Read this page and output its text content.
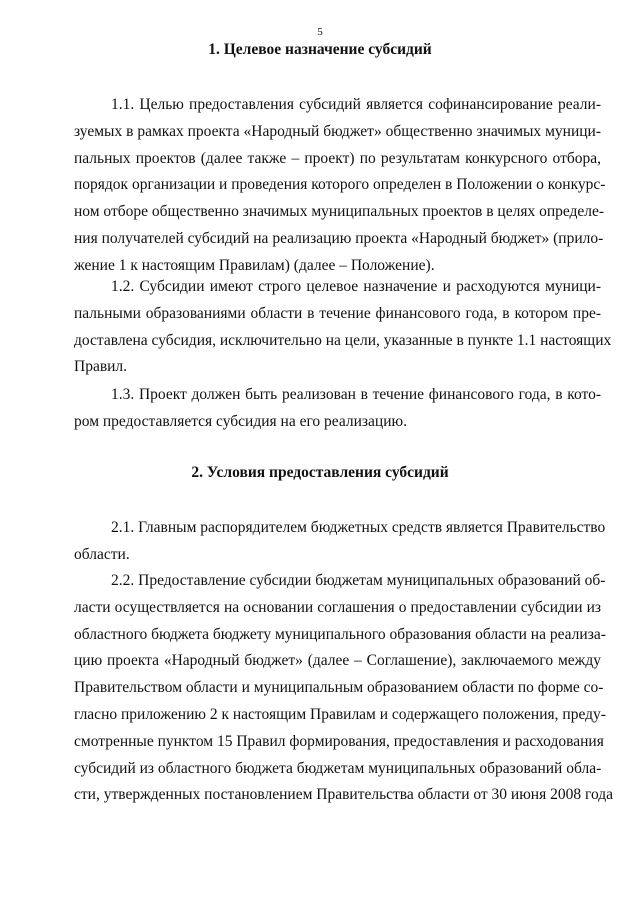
5
1. Целевое назначение субсидий
1.1. Целью предоставления субсидий является софинансирование реали-
зуемых в рамках проекта «Народный бюджет» общественно значимых муници-
пальных проектов (далее также – проект) по результатам конкурсного отбора,
порядок организации и проведения которого определен в Положении о конкурс-
ном отборе общественно значимых муниципальных проектов в целях определе-
ния получателей субсидий на реализацию проекта «Народный бюджет» (прило-
жение 1 к настоящим Правилам) (далее – Положение).
1.2. Субсидии имеют строго целевое назначение и расходуются муници-
пальными образованиями области в течение финансового года, в котором пре-
доставлена субсидия, исключительно на цели, указанные в пункте 1.1 настоящих
Правил.
1.3. Проект должен быть реализован в течение финансового года, в кото-
ром предоставляется субсидия на его реализацию.
2. Условия предоставления субсидий
2.1. Главным распорядителем бюджетных средств является Правительство
области.
2.2. Предоставление субсидии бюджетам муниципальных образований об-
ласти осуществляется на основании соглашения о предоставлении субсидии из
областного бюджета бюджету муниципального образования области на реализа-
цию проекта «Народный бюджет» (далее – Соглашение), заключаемого между
Правительством области и муниципальным образованием области по форме со-
гласно приложению 2 к настоящим Правилам и содержащего положения, преду-
смотренные пунктом 15 Правил формирования, предоставления и расходования
субсидий из областного бюджета бюджетам муниципальных образований обла-
сти, утвержденных постановлением Правительства области от 30 июня 2008 года
